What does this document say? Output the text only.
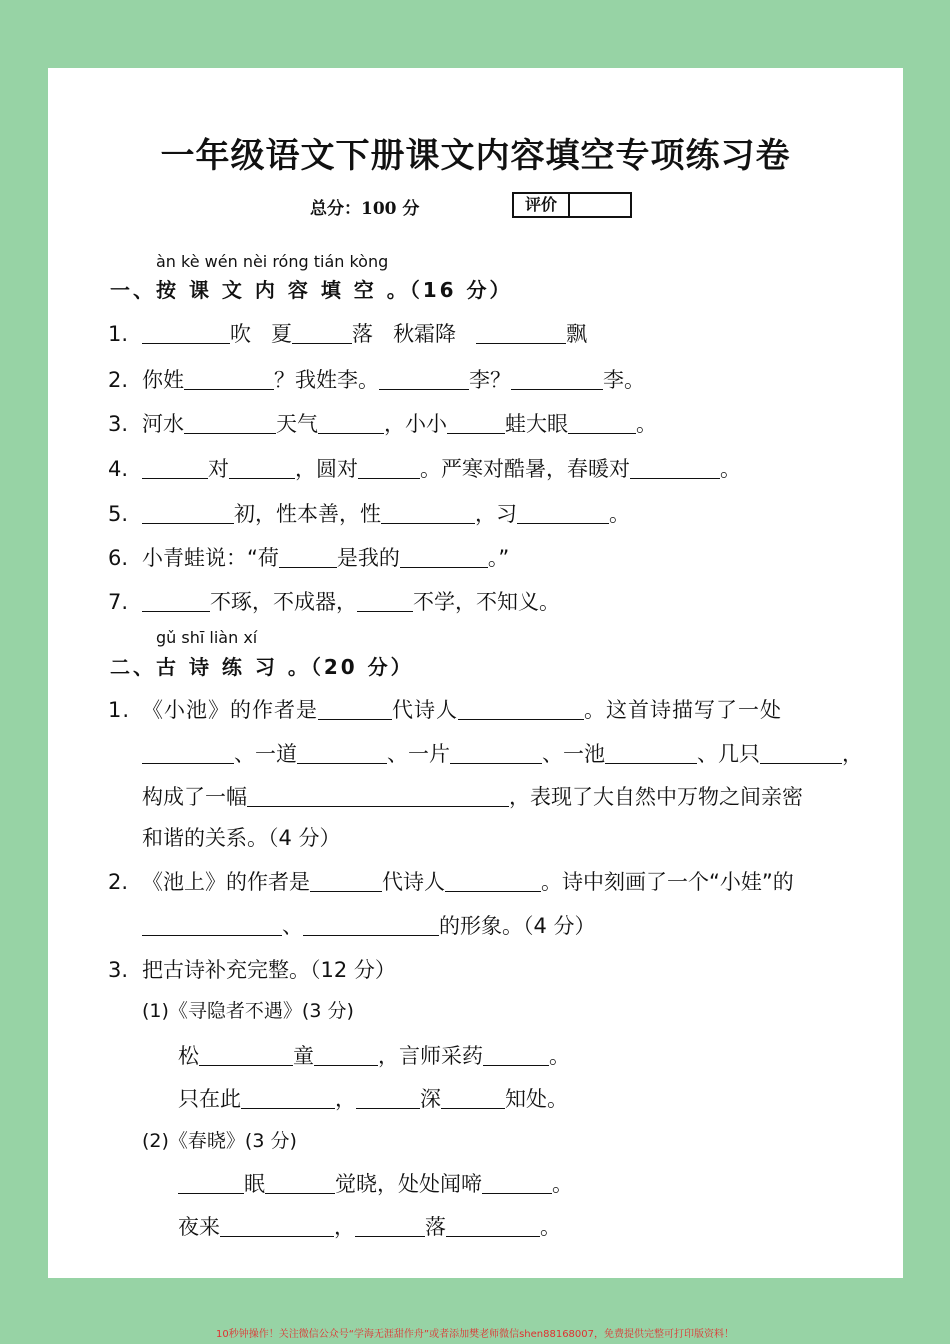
一年级语文下册课文内容填空专项练习卷
总分：100 分	评价
àn kè wén nèi róng tián kòng
一、按 课 文 内 容 填 空 。（16 分）
1.	吹 夏	落 秋霜降	飘
2. 你姓	？我姓李。	李？	李。
3. 河水	天气	，小小	蛙大眼	。
4.	对	，圆对	。严寒对酷暑，春暖对	。
5.	初，性本善，性	，习	。
6. 小青蛙说：“荷	是我的	。”
7.	不琢，不成器，	不学，不知义。
gǔ shī liàn xí
二、古 诗 练 习 。（20 分）
1. 《小池》的作者是	代诗人	。这首诗描写了一处
、一道	、一片	、一池	、几只	，
构成了一幅	，表现了大自然中万物之间亲密
和谐的关系。（4 分）
2. 《池上》的作者是	代诗人	。诗中刻画了一个“小娃”的
、	的形象。（4 分）
3. 把古诗补充完整。（12 分）
(1)《寻隐者不遇》(3 分)
松	童	，言师采药	。
只在此	，	深	知处。
(2)《春晓》(3 分)
眠	觉晓，处处闻啼	。
夜来	，	落	。
10秒钟操作！关注微信公众号“学海无涯甜作舟”或者添加樊老师微信shen88168007，免费提供完整可打印版资料！
